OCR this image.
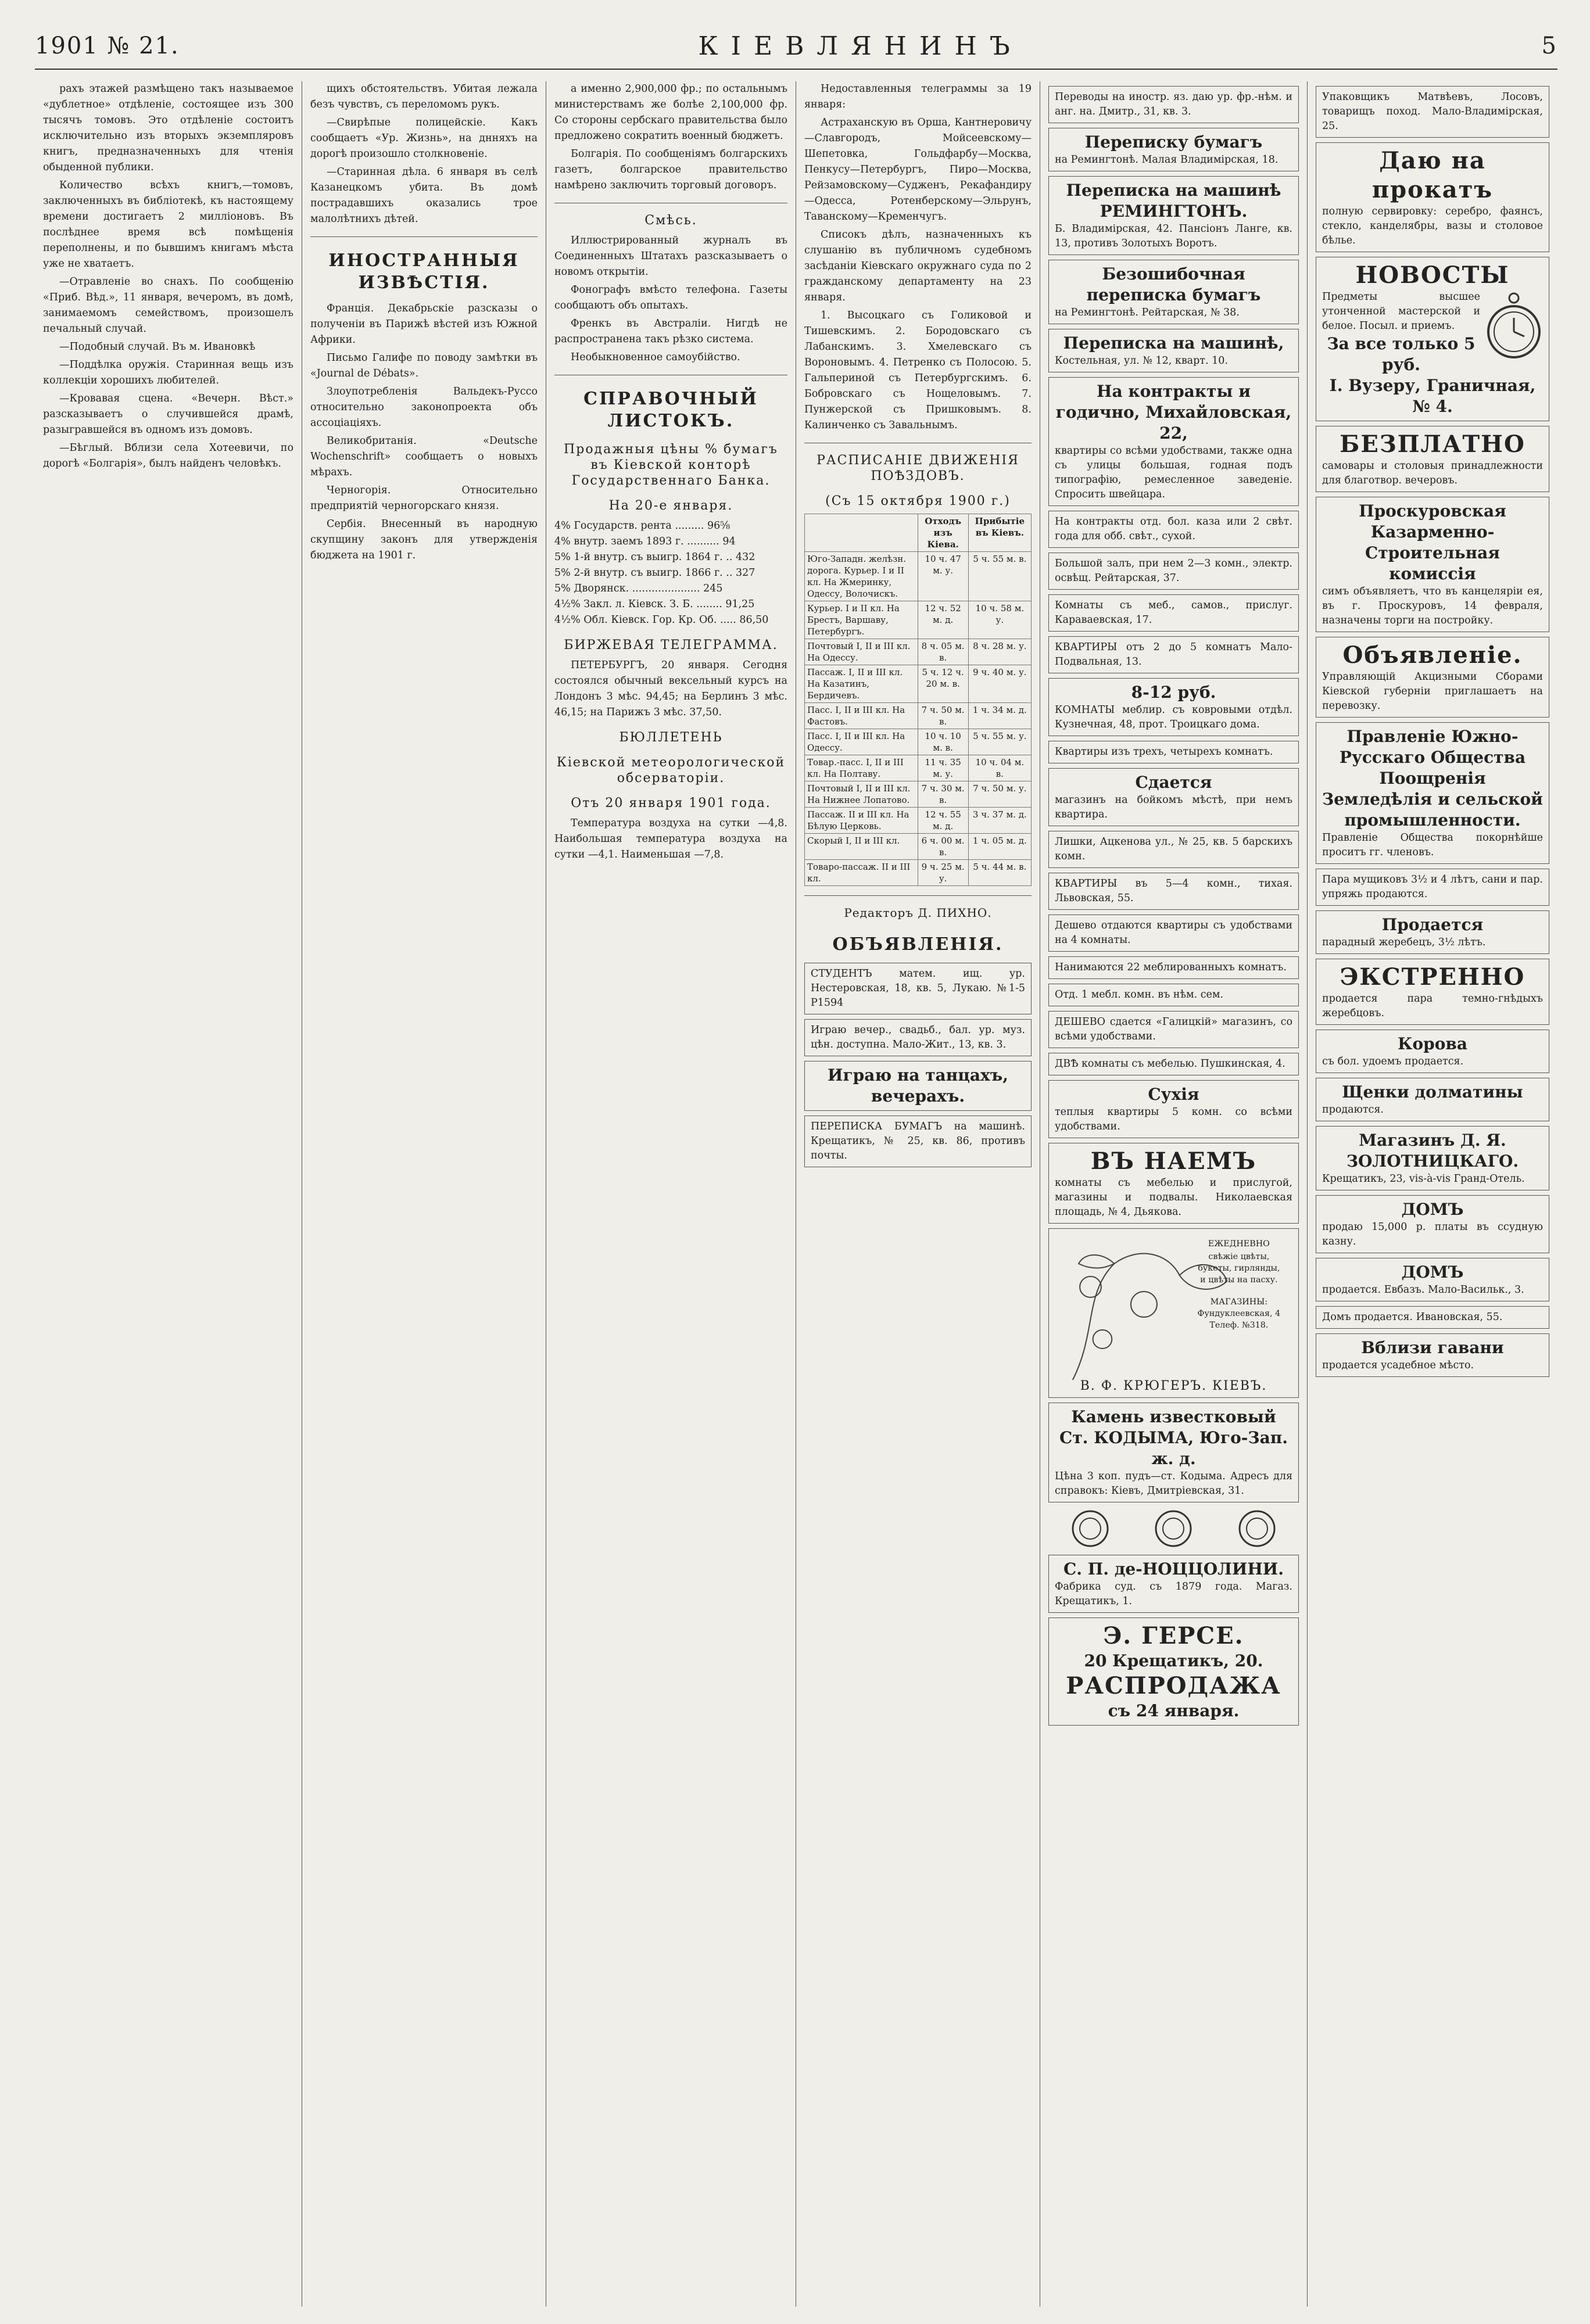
1901 № 21.	КІЕВЛЯНИНЪ	5

рахъ этажей размѣщено такъ называемое «дублетное» отдѣленіе, состоящее изъ 300 тысячъ томовъ. Это отдѣленіе состоитъ исключительно изъ вторыхъ экземпляровъ книгъ, предназначенныхъ для чтенія обыденной публики.

Количество всѣхъ книгъ,—томовъ, заключенныхъ въ библіотекѣ, къ настоящему времени достигаетъ 2 милліоновъ. Въ послѣднее время всѣ помѣщенія переполнены, и по бывшимъ книгамъ мѣста уже не хватаетъ.

—Отравленіе во снахъ. По сообщенію «Приб. Вѣд.», 11 января, вечеромъ, въ домѣ, занимаемомъ семействомъ, произошелъ печальный случай.

—Подобный случай. Въ м. Ивановкѣ

—Поддѣлка оружія. Старинная вещь изъ коллекціи хорошихъ любителей.

—Кровавая сцена. «Вечерн. Вѣст.» разсказываетъ о случившейся драмѣ, разыгравшейся въ одномъ изъ домовъ.

—Бѣглый. Вблизи села Хотеевичи, по дорогѣ «Болгарія», былъ найденъ человѣкъ.

щихъ обстоятельствъ. Убитая лежала безъ чувствъ, съ переломомъ рукъ.

—Свирѣпые полицейскіе. Какъ сообщаетъ «Ур. Жизнь», на днняхъ на дорогѣ произошло столкновеніе.

—Старинная дѣла. 6 января въ селѣ Казанецкомъ убита. Въ домѣ пострадавшихъ оказались трое малолѣтнихъ дѣтей.

ИНОСТРАННЫЯ ИЗВѢСТІЯ.

Франція. Декабрьскіе разсказы о полученіи въ Парижѣ вѣстей изъ Южной Африки.

Письмо Галифе по поводу замѣтки въ «Journal de Débats».

Злоупотребленія Вальдекъ-Руссо относительно законопроекта объ ассоціаціяхъ.

Великобританія. «Deutsche Wochenschrift» сообщаетъ о новыхъ мѣрахъ.

Черногорія. Относительно предприятій черногорскаго князя.

Сербія. Внесенный въ народную скупщину законъ для утвержденія бюджета на 1901 г.

а именно 2,900,000 фр.; по остальнымъ министерствамъ же болѣе 2,100,000 фр. Со стороны сербскаго правительства было предложено сократить военный бюджетъ.

Болгарія. По сообщеніямъ болгарскихъ газетъ, болгарское правительство намѣрено заключить торговый договоръ.

Смѣсь.

Иллюстрированный журналъ въ Соединенныхъ Штатахъ разсказываетъ о новомъ открытіи.

Фонографъ вмѣсто телефона. Газеты сообщаютъ объ опытахъ.

Френкъ въ Австраліи. Нигдѣ не распространена такъ рѣзко система.

Необыкновенное самоубійство.

СПРАВОЧНЫЙ ЛИСТОКЪ.
Продажныя цѣны % бумагъ въ Кіевской конторѣ Государственнаго Банка.
На 20-е января.
4% Государств. рента ......... 96⅝
4% внутр. заемъ 1893 г. .......... 94
5% 1-й внутр. съ выигр. 1864 г. .. 432
5% 2-й внутр. съ выигр. 1866 г. .. 327
5% Дворянск. ..................... 245
4½% Закл. л. Кіевск. З. Б. ........ 91,25
4½% Обл. Кіевск. Гор. Кр. Об. ..... 86,50
БИРЖЕВАЯ ТЕЛЕГРАММА.

ПЕТЕРБУРГЪ, 20 января. Сегодня состоялся обычный вексельный курсъ на Лондонъ 3 мѣс. 94,45; на Берлинъ 3 мѣс. 46,15; на Парижъ 3 мѣс. 37,50.

БЮЛЛЕТЕНЬ
Кіевской метеорологической обсерваторіи.
Отъ 20 января 1901 года.

Температура воздуха на сутки —4,8. Наибольшая температура воздуха на сутки —4,1. Наименьшая —7,8.

Недоставленныя телеграммы за 19 января:

Астраханскую въ Орша, Кантнеровичу—Славгородъ, Мойсеевскому—Шепетовка, Гольдфарбу—Москва, Пенкусу—Петербургъ, Пиро—Москва, Рейзамовскому—Судженъ, Рекафандиру—Одесса, Ротенберскому—Эльрунъ, Таванскому—Кременчугъ.

Списокъ дѣлъ, назначенныхъ къ слушанію въ публичномъ судебномъ засѣданіи Кіевскаго окружнаго суда по 2 гражданскому департаменту на 23 января.

1. Высоцкаго съ Голиковой и Тишевскимъ. 2. Бородовскаго съ Лабанскимъ. 3. Хмелевскаго съ Вороновымъ. 4. Петренко съ Полосою. 5. Гальпериной съ Петербургскимъ. 6. Бобровскаго съ Нощеловымъ. 7. Пунжерской съ Пришковымъ. 8. Калинченко съ Завальнымъ.

РАСПИСАНІЕ ДВИЖЕНІЯ ПОѢЗДОВЪ.
(Съ 15 октября 1900 г.)
	Отходъ изъ Кіева.	Прибытіе въ Кіевъ.
Юго-Западн. желѣзн. дорога. Курьер. I и II кл. На Жмеринку, Одессу, Волочискъ.	10 ч. 47 м. у.	5 ч. 55 м. в.
Курьер. I и II кл. На Брестъ, Варшаву, Петербургъ.	12 ч. 52 м. д.	10 ч. 58 м. у.
Почтовый I, II и III кл. На Одессу.	8 ч. 05 м. в.	8 ч. 28 м. у.
Пассаж. I, II и III кл. На Казатинъ, Бердичевъ.	5 ч. 12 ч. 20 м. в.	9 ч. 40 м. у.
Пасс. I, II и III кл. На Фастовъ.	7 ч. 50 м. в.	1 ч. 34 м. д.
Пасс. I, II и III кл. На Одессу.	10 ч. 10 м. в.	5 ч. 55 м. у.
Товар.-пасс. I, II и III кл. На Полтаву.	11 ч. 35 м. у.	10 ч. 04 м. в.
Почтовый I, II и III кл. На Нижнее Лопатово.	7 ч. 30 м. в.	7 ч. 50 м. у.
Пассаж. II и III кл. На Бѣлую Церковь.	12 ч. 55 м. д.	3 ч. 37 м. д.
Скорый I, II и III кл.	6 ч. 00 м. в.	1 ч. 05 м. д.
Товаро-пассаж. II и III кл.	9 ч. 25 м. у.	5 ч. 44 м. в.
Редакторъ Д. ПИХНО.
ОБЪЯВЛЕНІЯ.
СТУДЕНТЪ матем. ищ. ур. Нестеровская, 18, кв. 5, Лукаю. №1-5 Р1594
Играю вечер., свадьб., бал. ур. муз. цѣн. доступна. Мало-Жит., 13, кв. 3.
Играю на танцахъ, вечерахъ.
ПЕРЕПИСКА БУМАГЪ на машинѣ. Крещатикъ, № 25, кв. 86, противъ почты.
Переводы на иностр. яз. даю ур. фр.-нѣм. и анг. на. Дмитр., 31, кв. 3.
Переписку бумагъ
на Ремингтонѣ. Малая Владимірская, 18.
Переписка на машинѣ РЕМИНГТОНЪ.
Б. Владимірская, 42. Пансіонъ Ланге, кв. 13, противъ Золотыхъ Воротъ.
Безошибочная переписка бумагъ
на Ремингтонѣ. Рейтарская, № 38.
Переписка на машинѣ,
Костельная, ул. № 12, кварт. 10.
На контракты и годично, Михайловская, 22,
квартиры со всѣми удобствами, также одна съ улицы большая, годная подъ типографію, ремесленное заведеніе. Спросить швейцара.
На контракты отд. бол. каза или 2 свѣт. года для обб. свѣт., сухой.
Большой залъ, при нем 2—3 комн., электр. освѣщ. Рейтарская, 37.
Комнаты съ меб., самов., прислуг. Караваевская, 17.
КВАРТИРЫ отъ 2 до 5 комнатъ Мало-Подвальная, 13.
8-12 руб.
КОМНАТЫ меблир. съ ковровыми отдѣл. Кузнечная, 48, прот. Троицкаго дома.
Квартиры изъ трехъ, четырехъ комнатъ.
Сдается
магазинъ на бойкомъ мѣстѣ, при немъ квартира.
Лишки, Ацкенова ул., № 25, кв. 5 барскихъ комн.
КВАРТИРЫ въ 5—4 комн., тихая. Львовская, 55.
Дешево отдаются квартиры съ удобствами на 4 комнаты.
Нанимаются 22 меблированныхъ комнатъ.
Отд. 1 мебл. комн. въ нѣм. сем.
ДЕШЕВО сдается «Галицкій» магазинъ, со всѣми удобствами.
ДВѢ комнаты съ мебелью. Пушкинская, 4.
Сухія
теплыя квартиры 5 комн. со всѣми удобствами.
ВЪ НАЕМЪ
комнаты съ мебелью и прислугой, магазины и подвалы. Николаевская площадь, № 4, Дьякова.
ЕЖЕДНЕВНО
свѣжіе цвѣты,
букеты, гирлянды,
и цвѣты на пасху.
МАГАЗИНЫ:
Фундуклеевская, 4
Телеф. №318.
В. Ф. КРЮГЕРЪ. КІЕВЪ.
Камень известковый
Ст. КОДЫМА, Юго-Зап. ж. д.
Цѣна 3 коп. пудъ—ст. Кодыма. Адресъ для справокъ: Кіевъ, Дмитріевская, 31.
С. П. де-НОЦЦОЛИНИ.
Фабрика суд. съ 1879 года. Магаз. Крещатикъ, 1.
Э. ГЕРСЕ.
20 Крещатикъ, 20.
РАСПРОДАЖА
съ 24 января.
Упаковщикъ Матвѣевъ, Лосовъ, товарищъ поход. Мало-Владимірская, 25.
Даю на прокатъ
полную сервировку: серебро, фаянсъ, стекло, канделябры, вазы и столовое бѣлье.
НОВОСТЫ
Предметы высшее утонченной мастерской и белое. Посыл. и приемъ.
За все только 5 руб.
І. Вузеру, Граничная, № 4.
БЕЗПЛАТНО
самовары и столовыя принадлежности для благотвор. вечеровъ.
Проскуровская Казарменно-Строительная комиссія
симъ объявляетъ, что въ канцеляріи ея, въ г. Проскуровъ, 14 февраля, назначены торги на постройку.
Объявленіе.
Управляющій Акцизными Сборами Кіевской губерніи приглашаетъ на перевозку.
Правленіе Южно-Русскаго Общества Поощренія Земледѣлія и сельской промышленности.
Правленіе Общества покорнѣйше проситъ гг. членовъ.
Пара мущиковъ 3½ и 4 лѣтъ, сани и пар. упряжь продаются.
Продается
парадный жеребецъ, 3½ лѣтъ.
ЭКСТРЕННО
продается пара темно-гнѣдыхъ жеребцовъ.
Корова
съ бол. удоемъ продается.
Щенки долматины
продаются.
Магазинъ Д. Я. ЗОЛОТНИЦКАГО.
Крещатикъ, 23, vis-à-vis Гранд-Отель.
ДОМЪ
продаю 15,000 р. платы въ ссудную казну.
ДОМЪ
продается. Евбазъ. Мало-Васильк., 3.
Домъ продается. Ивановская, 55.
Вблизи гавани
продается усадебное мѣсто.
